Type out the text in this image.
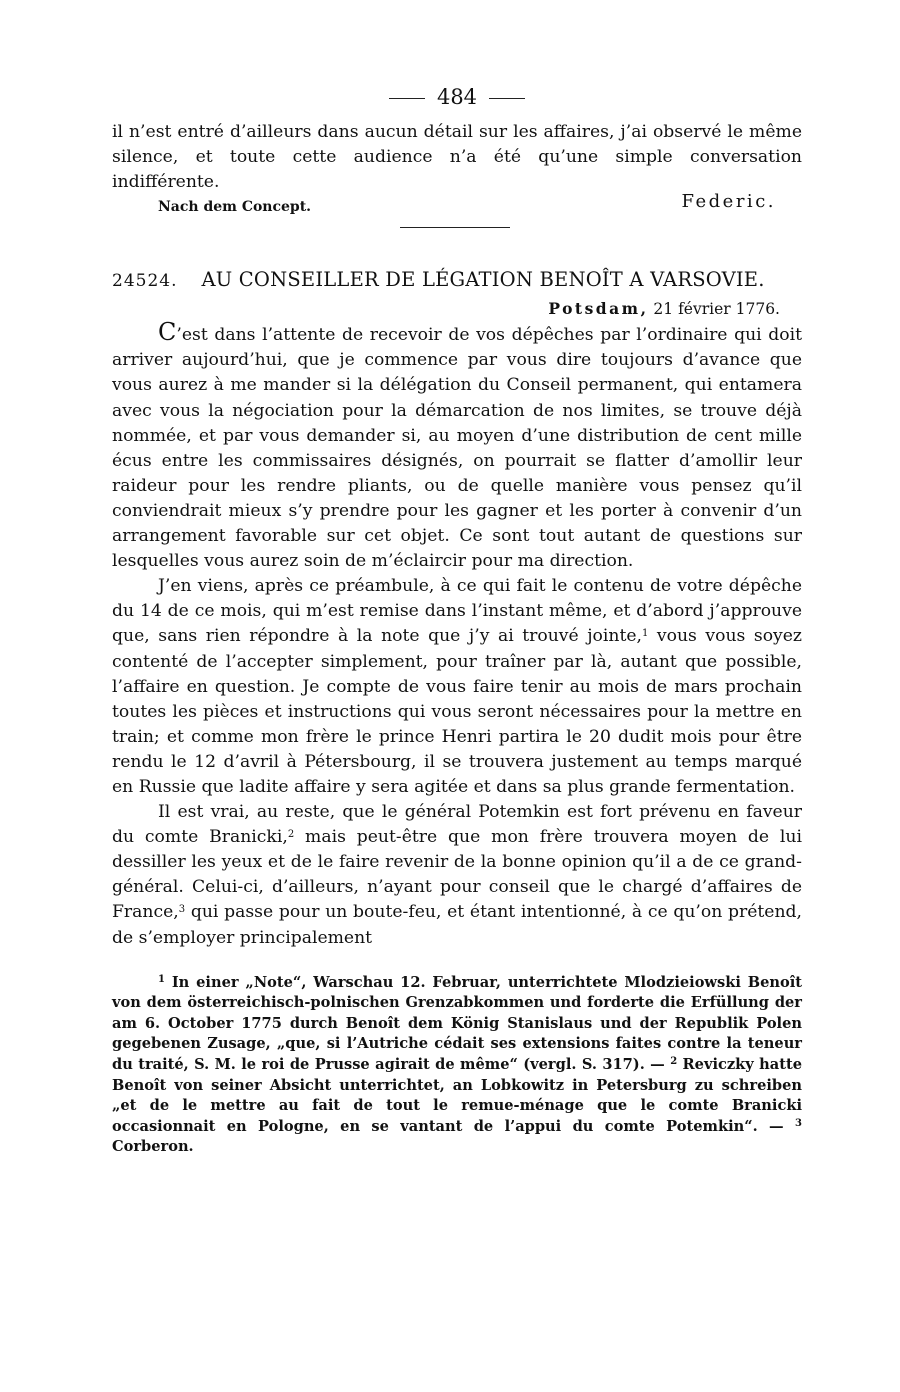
484

il n’est entré d’ailleurs dans aucun détail sur les affaires, j’ai observé le même silence, et toute cette audience n’a été qu’une simple conversation indifférente.

Nach dem Concept.	Federic.
24524. AU CONSEILLER DE LÉGATION BENOÎT A VARSOVIE.
Potsdam, 21 février 1776.

C’est dans l’attente de recevoir de vos dépêches par l’ordinaire qui doit arriver aujourd’hui, que je commence par vous dire toujours d’avance que vous aurez à me mander si la délégation du Conseil permanent, qui entamera avec vous la négociation pour la démarcation de nos limites, se trouve déjà nommée, et par vous demander si, au moyen d’une distribution de cent mille écus entre les commissaires désignés, on pourrait se flatter d’amollir leur raideur pour les rendre pliants, ou de quelle manière vous pensez qu’il conviendrait mieux s’y prendre pour les gagner et les porter à convenir d’un arrangement favorable sur cet objet. Ce sont tout autant de questions sur lesquelles vous aurez soin de m’éclaircir pour ma direction.

J’en viens, après ce préambule, à ce qui fait le contenu de votre dépêche du 14 de ce mois, qui m’est remise dans l’instant même, et d’abord j’approuve que, sans rien répondre à la note que j’y ai trouvé jointe,$^1$ vous vous soyez contenté de l’accepter simplement, pour traîner par là, autant que possible, l’affaire en question. Je compte de vous faire tenir au mois de mars prochain toutes les pièces et instructions qui vous seront nécessaires pour la mettre en train; et comme mon frère le prince Henri partira le 20 dudit mois pour être rendu le 12 d’avril à Pétersbourg, il se trouvera justement au temps marqué en Russie que ladite affaire y sera agitée et dans sa plus grande fermentation.

Il est vrai, au reste, que le général Potemkin est fort prévenu en faveur du comte Branicki,$^2$ mais peut-être que mon frère trouvera moyen de lui dessiller les yeux et de le faire revenir de la bonne opinion qu’il a de ce grand-général. Celui-ci, d’ailleurs, n’ayant pour conseil que le chargé d’affaires de France,$^3$ qui passe pour un boute-feu, et étant intentionné, à ce qu’on prétend, de s’employer principalement

$^1$ In einer „Note“, Warschau 12. Februar, unterrichtete Mlodzieiowski Benoît von dem österreichisch-polnischen Grenzabkommen und forderte die Erfüllung der am 6. October 1775 durch Benoît dem König Stanislaus und der Republik Polen gegebenen Zusage, „que, si l’Autriche cédait ses extensions faites contre la teneur du traité, S. M. le roi de Prusse agirait de même“ (vergl. S. 317). — $^2$ Reviczky hatte Benoît von seiner Absicht unterrichtet, an Lobkowitz in Petersburg zu schreiben „et de le mettre au fait de tout le remue-ménage que le comte Branicki occasionnait en Pologne, en se vantant de l’appui du comte Potemkin“. — $^3$ Corberon.
